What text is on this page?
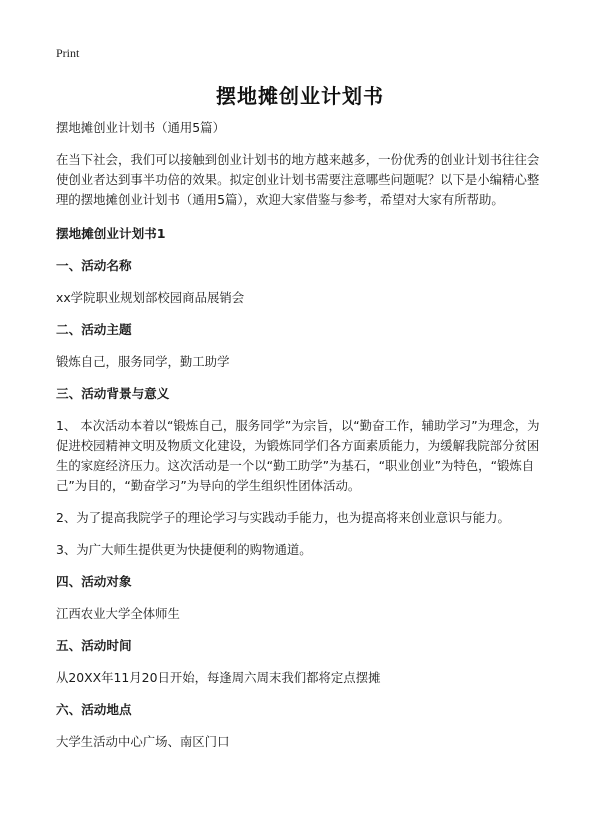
Print
摆地摊创业计划书

摆地摊创业计划书（通用5篇）

在当下社会，我们可以接触到创业计划书的地方越来越多，一份优秀的创业计划书往往会使创业者达到事半功倍的效果。拟定创业计划书需要注意哪些问题呢？以下是小编精心整理的摆地摊创业计划书（通用5篇），欢迎大家借鉴与参考，希望对大家有所帮助。

摆地摊创业计划书1

一、活动名称

xx学院职业规划部校园商品展销会

二、活动主题

锻炼自己，服务同学，勤工助学

三、活动背景与意义

1、 本次活动本着以“锻炼自己，服务同学”为宗旨，以“勤奋工作，辅助学习”为理念，为促进校园精神文明及物质文化建设，为锻炼同学们各方面素质能力，为缓解我院部分贫困生的家庭经济压力。这次活动是一个以“勤工助学”为基石，“职业创业”为特色，“锻炼自己”为目的，“勤奋学习”为导向的学生组织性团体活动。

2、为了提高我院学子的理论学习与实践动手能力，也为提高将来创业意识与能力。

3、为广大师生提供更为快捷便利的购物通道。

四、活动对象

江西农业大学全体师生

五、活动时间

从20XX年11月20日开始，每逢周六周末我们都将定点摆摊

六、活动地点

大学生活动中心广场、南区门口
